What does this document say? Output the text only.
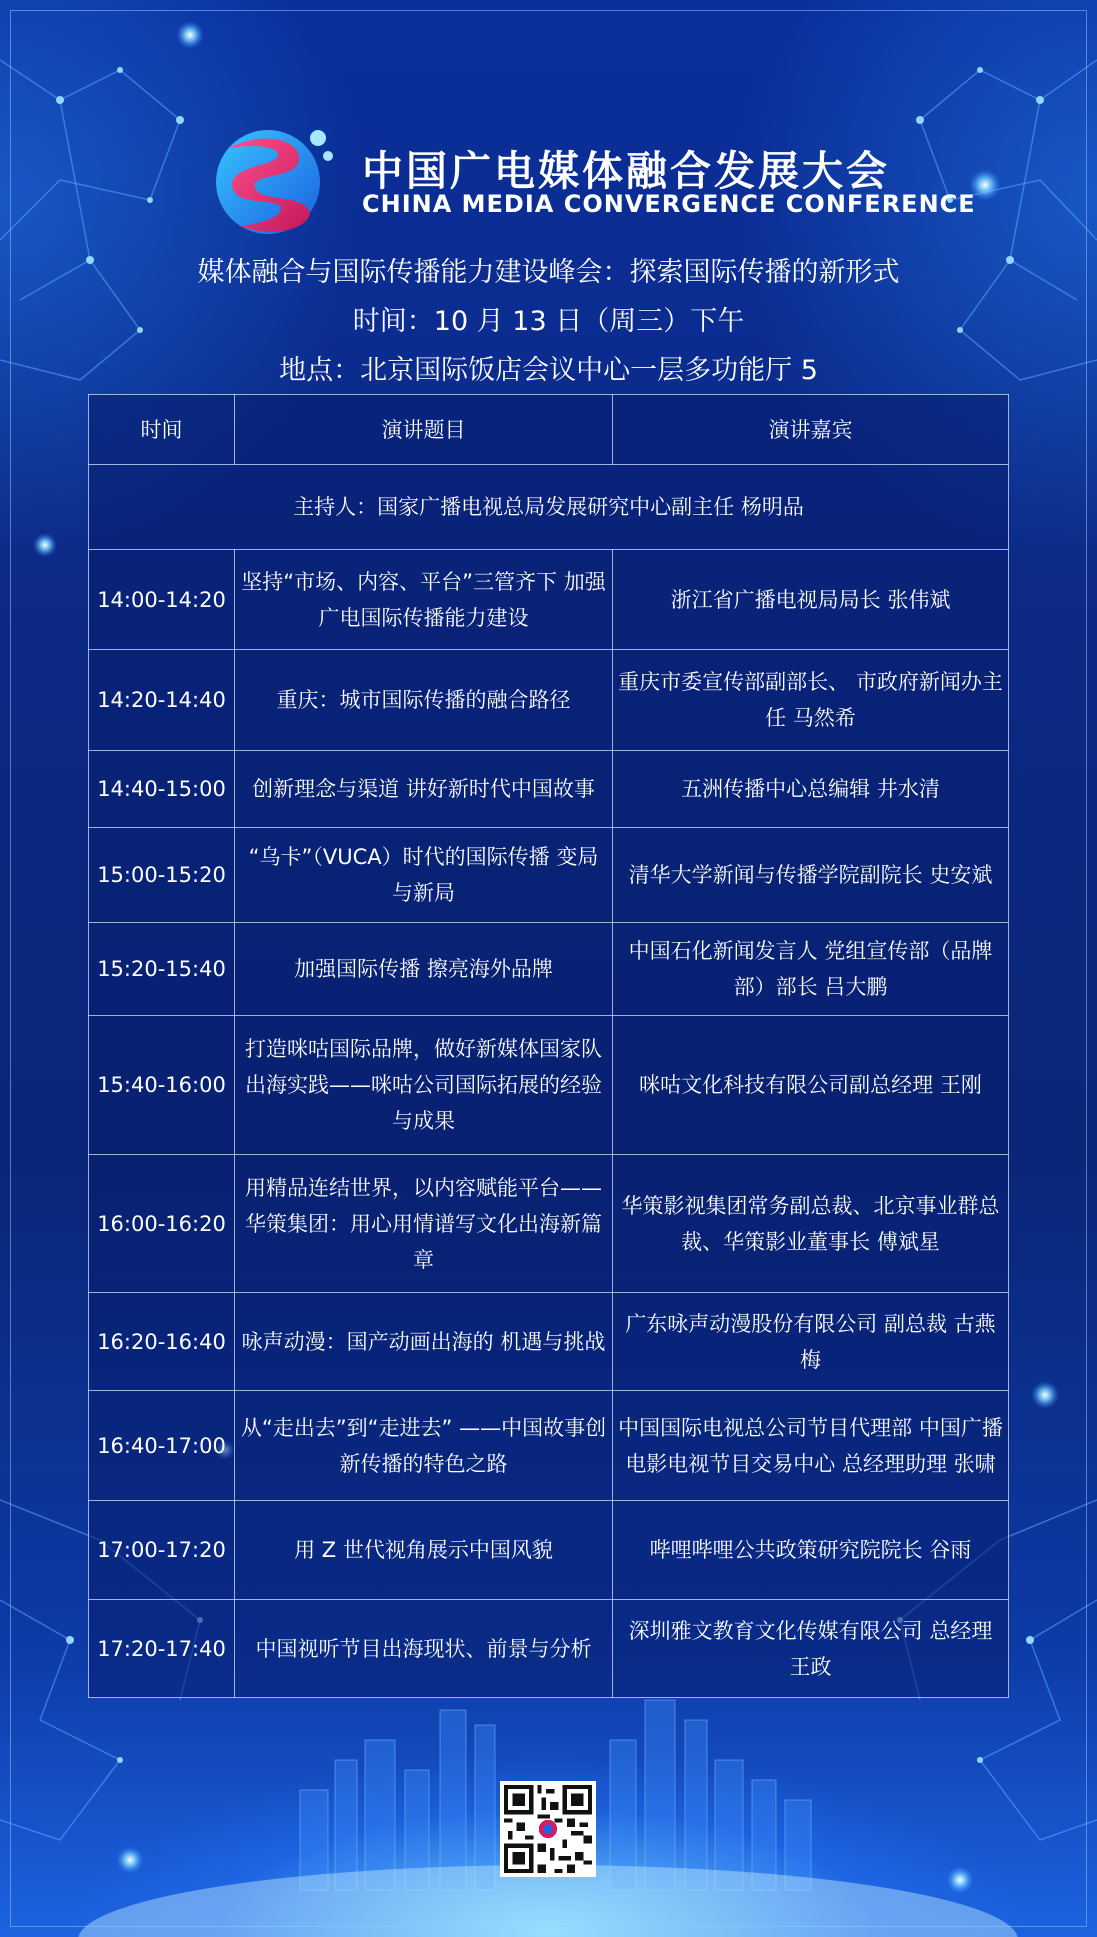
中国广电媒体融合发展大会
CHINA MEDIA CONVERGENCE CONFERENCE
媒体融合与国际传播能力建设峰会：探索国际传播的新形式
时间：10 月 13 日（周三）下午
地点：北京国际饭店会议中心一层多功能厅 5
时间	演讲题目	演讲嘉宾
主持人：国家广播电视总局发展研究中心副主任 杨明品		
14:00-14:20	坚持“市场、内容、平台”三管齐下 加强广电国际传播能力建设	浙江省广播电视局局长 张伟斌
14:20-14:40	重庆：城市国际传播的融合路径	重庆市委宣传部副部长、 市政府新闻办主任 马然希
14:40-15:00	创新理念与渠道 讲好新时代中国故事	五洲传播中心总编辑 井水清
15:00-15:20	“乌卡”（VUCA）时代的国际传播 变局与新局	清华大学新闻与传播学院副院长 史安斌
15:20-15:40	加强国际传播 擦亮海外品牌	中国石化新闻发言人 党组宣传部（品牌部）部长 吕大鹏
15:40-16:00	打造咪咕国际品牌，做好新媒体国家队出海实践——咪咕公司国际拓展的经验与成果	咪咕文化科技有限公司副总经理 王刚
16:00-16:20	用精品连结世界，以内容赋能平台——华策集团：用心用情谱写文化出海新篇章	华策影视集团常务副总裁、北京事业群总裁、华策影业董事长 傅斌星
16:20-16:40	咏声动漫：国产动画出海的 机遇与挑战	广东咏声动漫股份有限公司 副总裁 古燕梅
16:40-17:00	从“走出去”到“走进去” ——中国故事创新传播的特色之路	中国国际电视总公司节目代理部 中国广播电影电视节目交易中心 总经理助理 张啸
17:00-17:20	用 Z 世代视角展示中国风貌	哔哩哔哩公共政策研究院院长 谷雨
17:20-17:40	中国视听节目出海现状、前景与分析	深圳雅文教育文化传媒有限公司 总经理 王政
